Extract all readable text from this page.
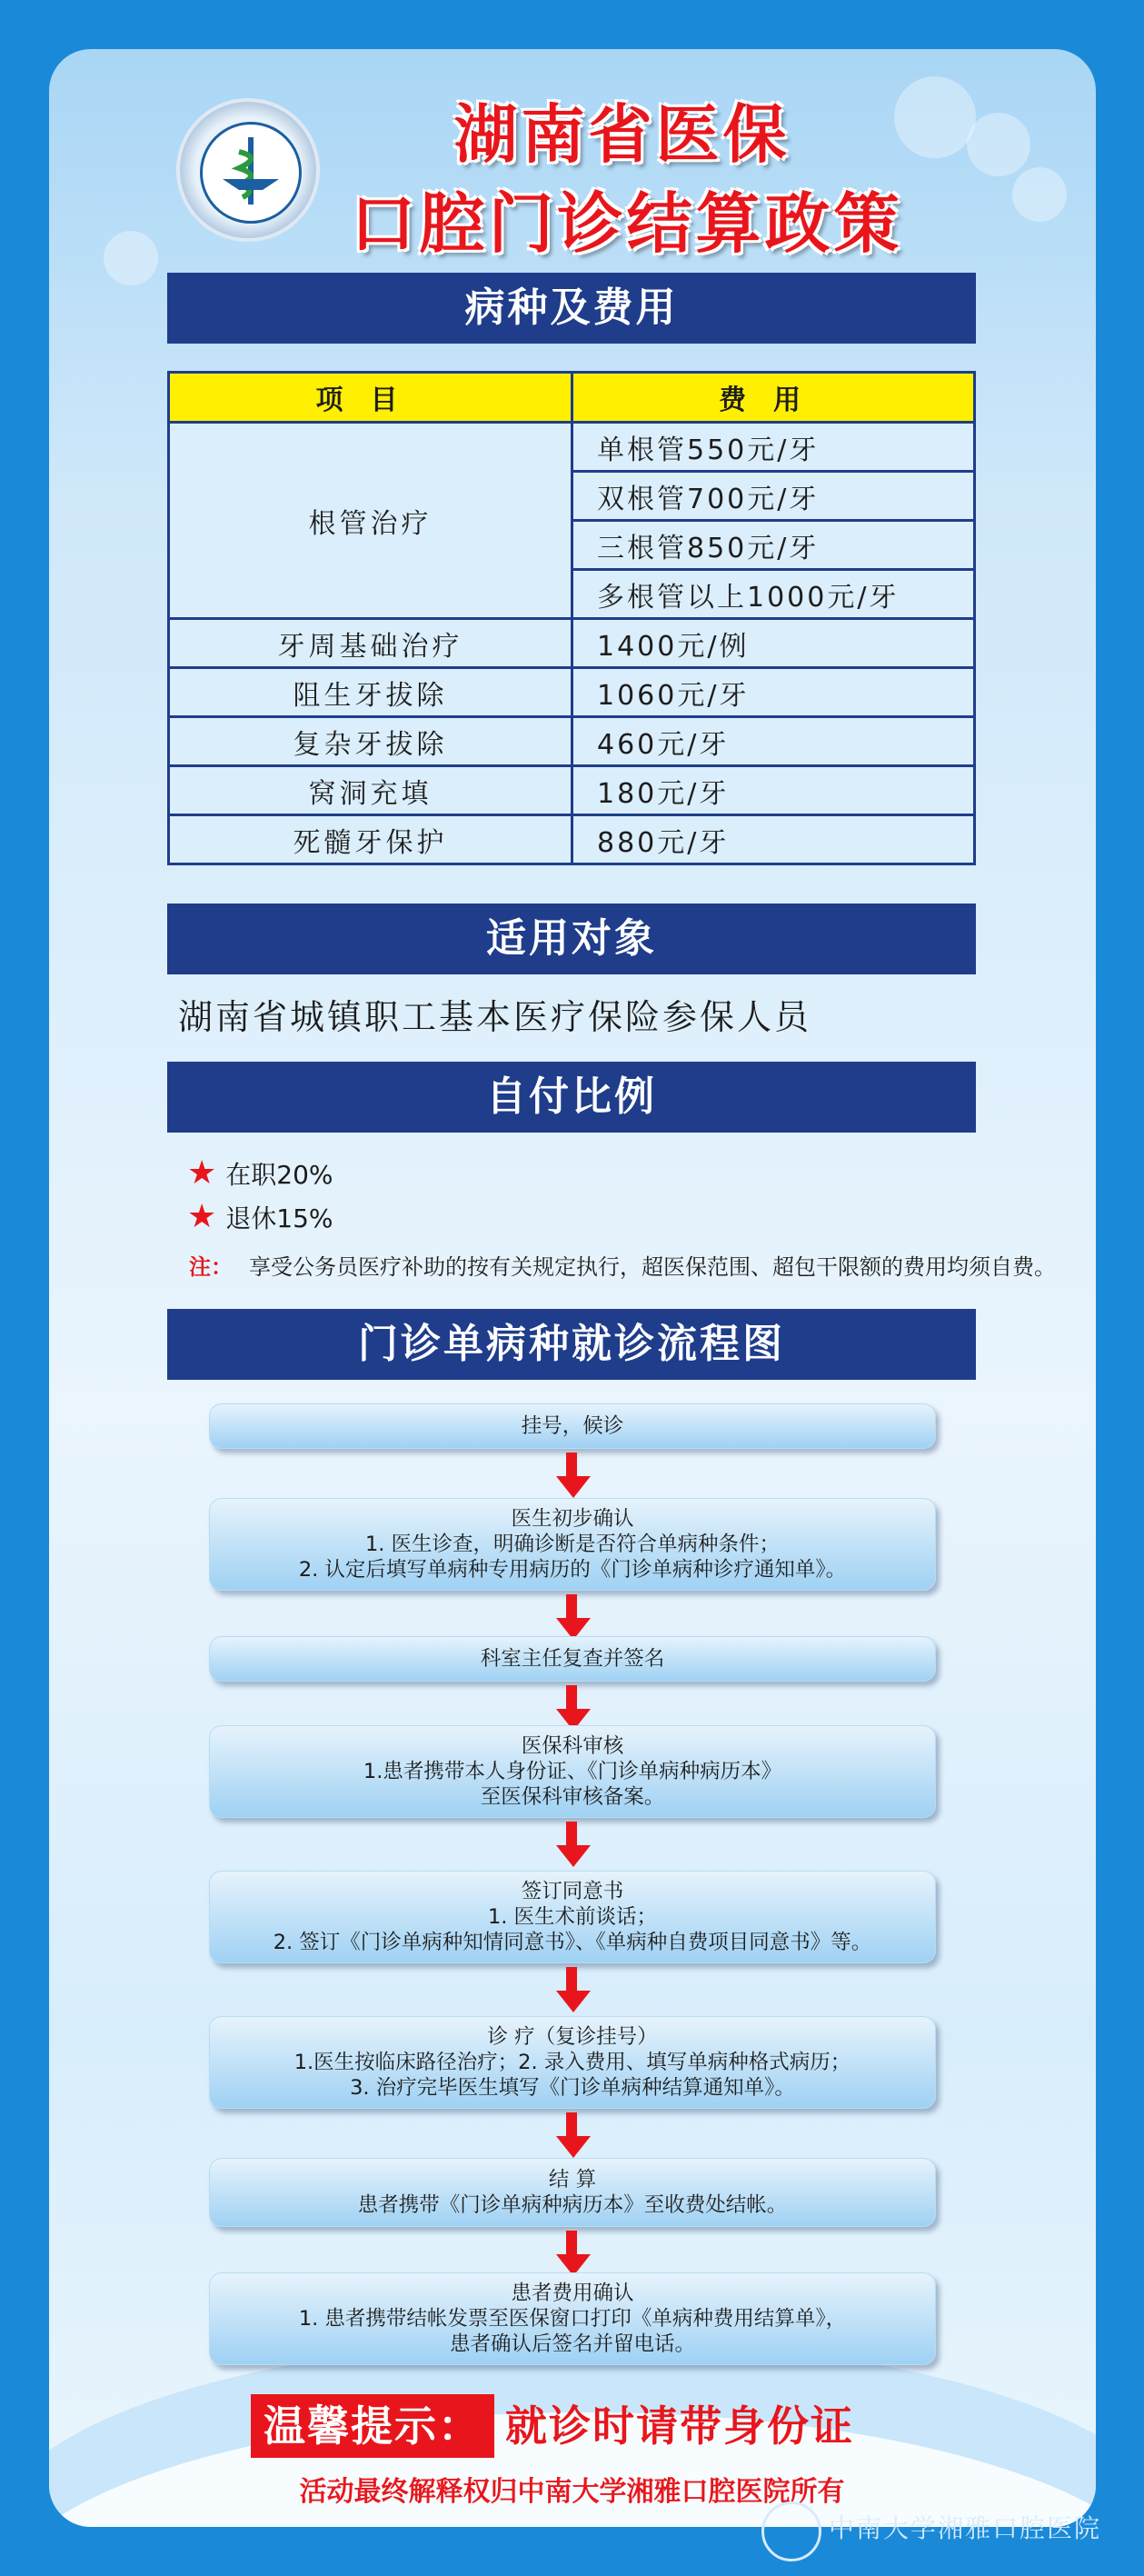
湖南省医保
口腔门诊结算政策
病种及费用
项目	费用
根管治疗	单根管550元/牙
	双根管700元/牙
	三根管850元/牙
	多根管以上1000元/牙
牙周基础治疗	1400元/例
阻生牙拔除	1060元/牙
复杂牙拔除	460元/牙
窝洞充填	180元/牙
死髓牙保护	880元/牙
适用对象
湖南省城镇职工基本医疗保险参保人员
自付比例
★ 在职20%
★ 退休15%
注： 享受公务员医疗补助的按有关规定执行，超医保范围、超包干限额的费用均须自费。
门诊单病种就诊流程图
挂号，候诊
医生初步确认
1. 医生诊查，明确诊断是否符合单病种条件；
2. 认定后填写单病种专用病历的《门诊单病种诊疗通知单》。
科室主任复查并签名
医保科审核
1.患者携带本人身份证、《门诊单病种病历本》
至医保科审核备案。
签订同意书
1. 医生术前谈话；
2. 签订《门诊单病种知情同意书》、《单病种自费项目同意书》等。
诊 疗（复诊挂号）
1.医生按临床路径治疗；2. 录入费用、填写单病种格式病历；
3. 治疗完毕医生填写《门诊单病种结算通知单》。
结 算
患者携带《门诊单病种病历本》至收费处结帐。
患者费用确认
1. 患者携带结帐发票至医保窗口打印《单病种费用结算单》，
患者确认后签名并留电话。
温馨提示： 就诊时请带身份证
活动最终解释权归中南大学湘雅口腔医院所有
中南大学湘雅口腔医院
